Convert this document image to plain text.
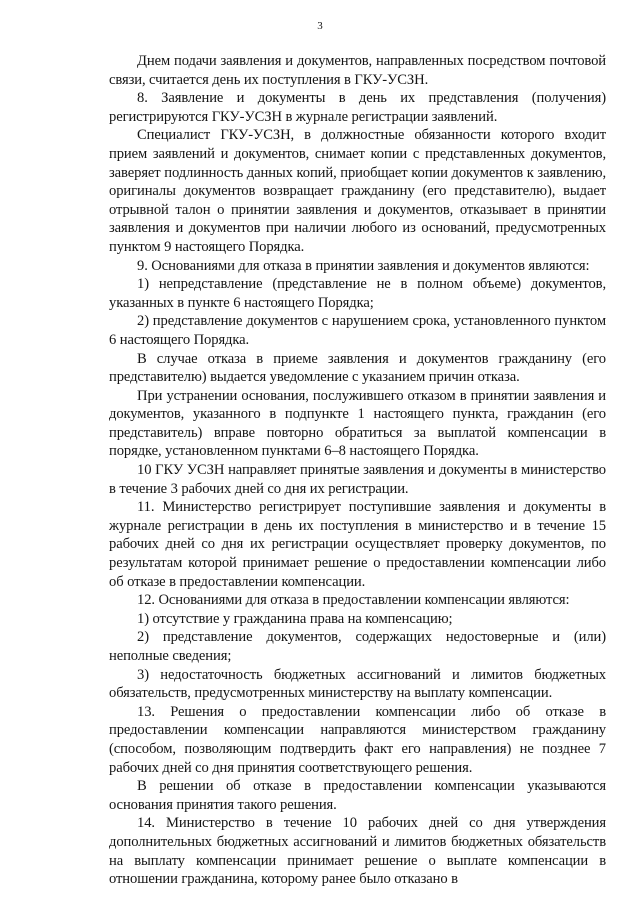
3

Днем подачи заявления и документов, направленных посредством почтовой связи, считается день их поступления в ГКУ-УСЗН.

8. Заявление и документы в день их представления (получения) регистрируются ГКУ-УСЗН в журнале регистрации заявлений.

Специалист ГКУ-УСЗН, в должностные обязанности которого входит прием заявлений и документов, снимает копии с представленных документов, заверяет подлинность данных копий, приобщает копии документов к заявлению, оригиналы документов возвращает гражданину (его представителю), выдает отрывной талон о принятии заявления и документов, отказывает в принятии заявления и документов при наличии любого из оснований, предусмотренных пунктом 9 настоящего Порядка.

9. Основаниями для отказа в принятии заявления и документов являются:

1) непредставление (представление не в полном объеме) документов, указанных в пункте 6 настоящего Порядка;

2) представление документов с нарушением срока, установленного пунктом 6 настоящего Порядка.

В случае отказа в приеме заявления и документов гражданину (его представителю) выдается уведомление с указанием причин отказа.

При устранении основания, послужившего отказом в принятии заявления и документов, указанного в подпункте 1 настоящего пункта, гражданин (его представитель) вправе повторно обратиться за выплатой компенсации в порядке, установленном пунктами 6–8 настоящего Порядка.

10 ГКУ УСЗН направляет принятые заявления и документы в министерство в течение 3 рабочих дней со дня их регистрации.

11. Министерство регистрирует поступившие заявления и документы в журнале регистрации в день их поступления в министерство и в течение 15 рабочих дней со дня их регистрации осуществляет проверку документов, по результатам которой принимает решение о предоставлении компенсации либо об отказе в предоставлении компенсации.

12. Основаниями для отказа в предоставлении компенсации являются:

1) отсутствие у гражданина права на компенсацию;

2) представление документов, содержащих недостоверные и (или) неполные сведения;

3) недостаточность бюджетных ассигнований и лимитов бюджетных обязательств, предусмотренных министерству на выплату компенсации.

13. Решения о предоставлении компенсации либо об отказе в предоставлении компенсации направляются министерством гражданину (способом, позволяющим подтвердить факт его направления) не позднее 7 рабочих дней со дня принятия соответствующего решения.

В решении об отказе в предоставлении компенсации указываются основания принятия такого решения.

14. Министерство в течение 10 рабочих дней со дня утверждения дополнительных бюджетных ассигнований и лимитов бюджетных обязательств на выплату компенсации принимает решение о выплате компенсации в отношении гражданина, которому ранее было отказано в
